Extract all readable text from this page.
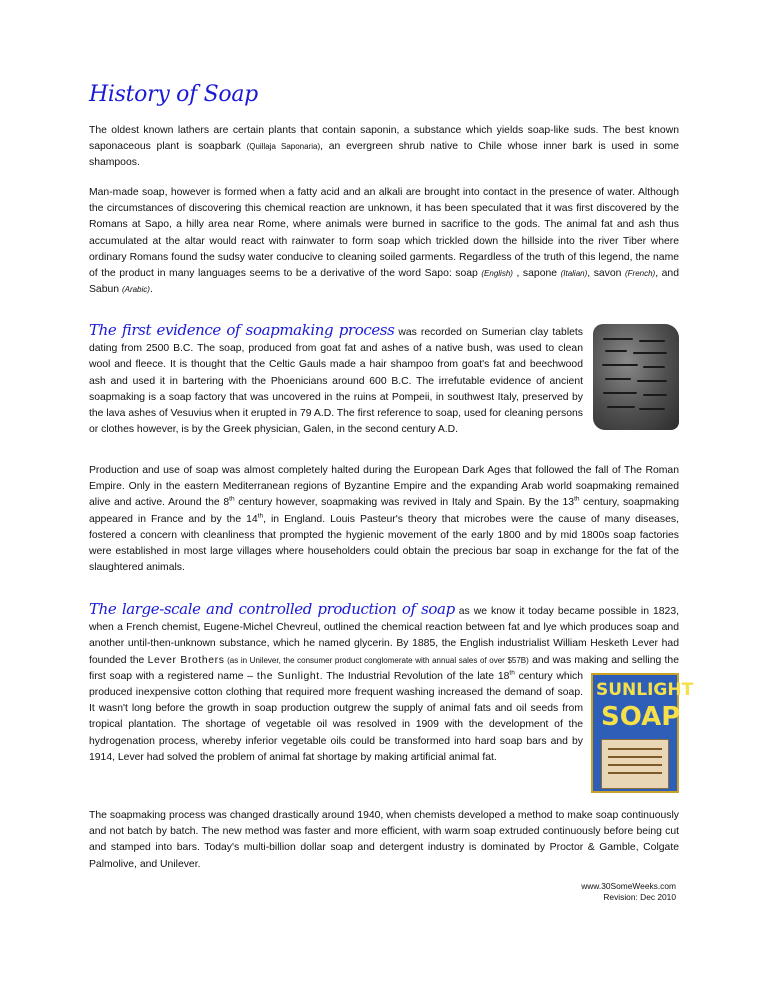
History of Soap

The oldest known lathers are certain plants that contain saponin, a substance which yields soap-like suds. The best known saponaceous plant is soapbark (Quillaja Saponaria), an evergreen shrub native to Chile whose inner bark is used in some shampoos.

Man-made soap, however is formed when a fatty acid and an alkali are brought into contact in the presence of water. Although the circumstances of discovering this chemical reaction are unknown, it has been speculated that it was first discovered by the Romans at Sapo, a hilly area near Rome, where animals were burned in sacrifice to the gods. The animal fat and ash thus accumulated at the altar would react with rainwater to form soap which trickled down the hillside into the river Tiber where ordinary Romans found the sudsy water conducive to cleaning soiled garments. Regardless of the truth of this legend, the name of the product in many languages seems to be a derivative of the word Sapo: soap (English) , sapone (Italian), savon (French), and Sabun (Arabic).

The first evidence of soapmaking process was recorded on Sumerian clay tablets dating from 2500 B.C. The soap, produced from goat fat and ashes of a native bush, was used to clean wool and fleece. It is thought that the Celtic Gauls made a hair shampoo from goat's fat and beechwood ash and used it in bartering with the Phoenicians around 600 B.C. The irrefutable evidence of ancient soapmaking is a soap factory that was uncovered in the ruins at Pompeii, in southwest Italy, preserved by the lava ashes of Vesuvius when it erupted in 79 A.D. The first reference to soap, used for cleaning persons or clothes however, is by the Greek physician, Galen, in the second century A.D.

Production and use of soap was almost completely halted during the European Dark Ages that followed the fall of The Roman Empire. Only in the eastern Mediterranean regions of Byzantine Empire and the expanding Arab world soapmaking remained alive and active. Around the 8th century however, soapmaking was revived in Italy and Spain. By the 13th century, soapmaking appeared in France and by the 14th, in England. Louis Pasteur's theory that microbes were the cause of many diseases, fostered a concern with cleanliness that prompted the hygienic movement of the early 1800 and by mid 1800s soap factories were established in most large villages where householders could obtain the precious bar soap in exchange for the fat of the slaughtered animals.

The large-scale and controlled production of soap as we know it today became possible in 1823, when a French chemist, Eugene-Michel Chevreul, outlined the chemical reaction between fat and lye which produces soap and another until-then-unknown substance, which he named glycerin. By 1885, the English industrialist William Hesketh Lever had founded the Lever Brothers (as in Unilever, the consumer product conglomerate with annual sales of over $57B) and was making and selling the first soap with a registered name – the Sunlight. The Industrial Revolution of the late 18th
SUNLIGHT
SOAP
century which produced inexpensive cotton clothing that required more frequent washing increased the demand of soap. It wasn't long before the growth in soap production outgrew the supply of animal fats and oil seeds from tropical plantation. The shortage of vegetable oil was resolved in 1909 with the development of the hydrogenation process, whereby inferior vegetable oils could be transformed into hard soap bars and by 1914, Lever had solved the problem of animal fat shortage by making artificial animal fat.

The soapmaking process was changed drastically around 1940, when chemists developed a method to make soap continuously and not batch by batch. The new method was faster and more efficient, with warm soap extruded continuously before being cut and stamped into bars. Today's multi-billion dollar soap and detergent industry is dominated by Proctor & Gamble, Colgate Palmolive, and Unilever.

www.30SomeWeeks.com
Revision: Dec 2010
